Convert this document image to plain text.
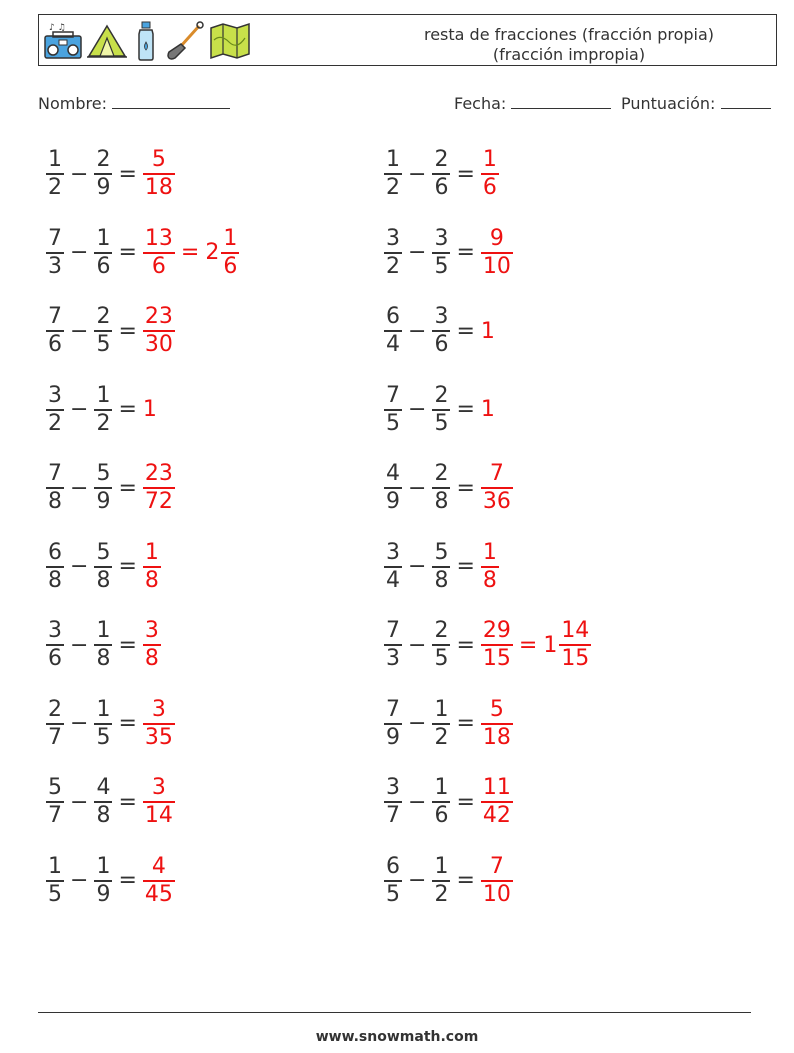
♪ ♫	resta de fracciones (fracción propia)
(fracción impropia)
Nombre:	Fecha:	Puntuación:
$\frac{1}{2} - \frac{2}{9} = \frac{5}{18}$	$\frac{1}{2} - \frac{2}{6} = \frac{1}{6}$
$\frac{7}{3} - \frac{1}{6} = \frac{13}{6} = 2 \frac{1}{6}$	$\frac{3}{2} - \frac{3}{5} = \frac{9}{10}$
$\frac{7}{6} - \frac{2}{5} = \frac{23}{30}$	$\frac{6}{4} - \frac{3}{6} = 1$
$\frac{3}{2} - \frac{1}{2} = 1$	$\frac{7}{5} - \frac{2}{5} = 1$
$\frac{7}{8} - \frac{5}{9} = \frac{23}{72}$	$\frac{4}{9} - \frac{2}{8} = \frac{7}{36}$
$\frac{6}{8} - \frac{5}{8} = \frac{1}{8}$	$\frac{3}{4} - \frac{5}{8} = \frac{1}{8}$
$\frac{3}{6} - \frac{1}{8} = \frac{3}{8}$	$\frac{7}{3} - \frac{2}{5} = \frac{29}{15} = 1 \frac{14}{15}$
$\frac{2}{7} - \frac{1}{5} = \frac{3}{35}$	$\frac{7}{9} - \frac{1}{2} = \frac{5}{18}$
$\frac{5}{7} - \frac{4}{8} = \frac{3}{14}$	$\frac{3}{7} - \frac{1}{6} = \frac{11}{42}$
$\frac{1}{5} - \frac{1}{9} = \frac{4}{45}$	$\frac{6}{5} - \frac{1}{2} = \frac{7}{10}$
www.snowmath.com
